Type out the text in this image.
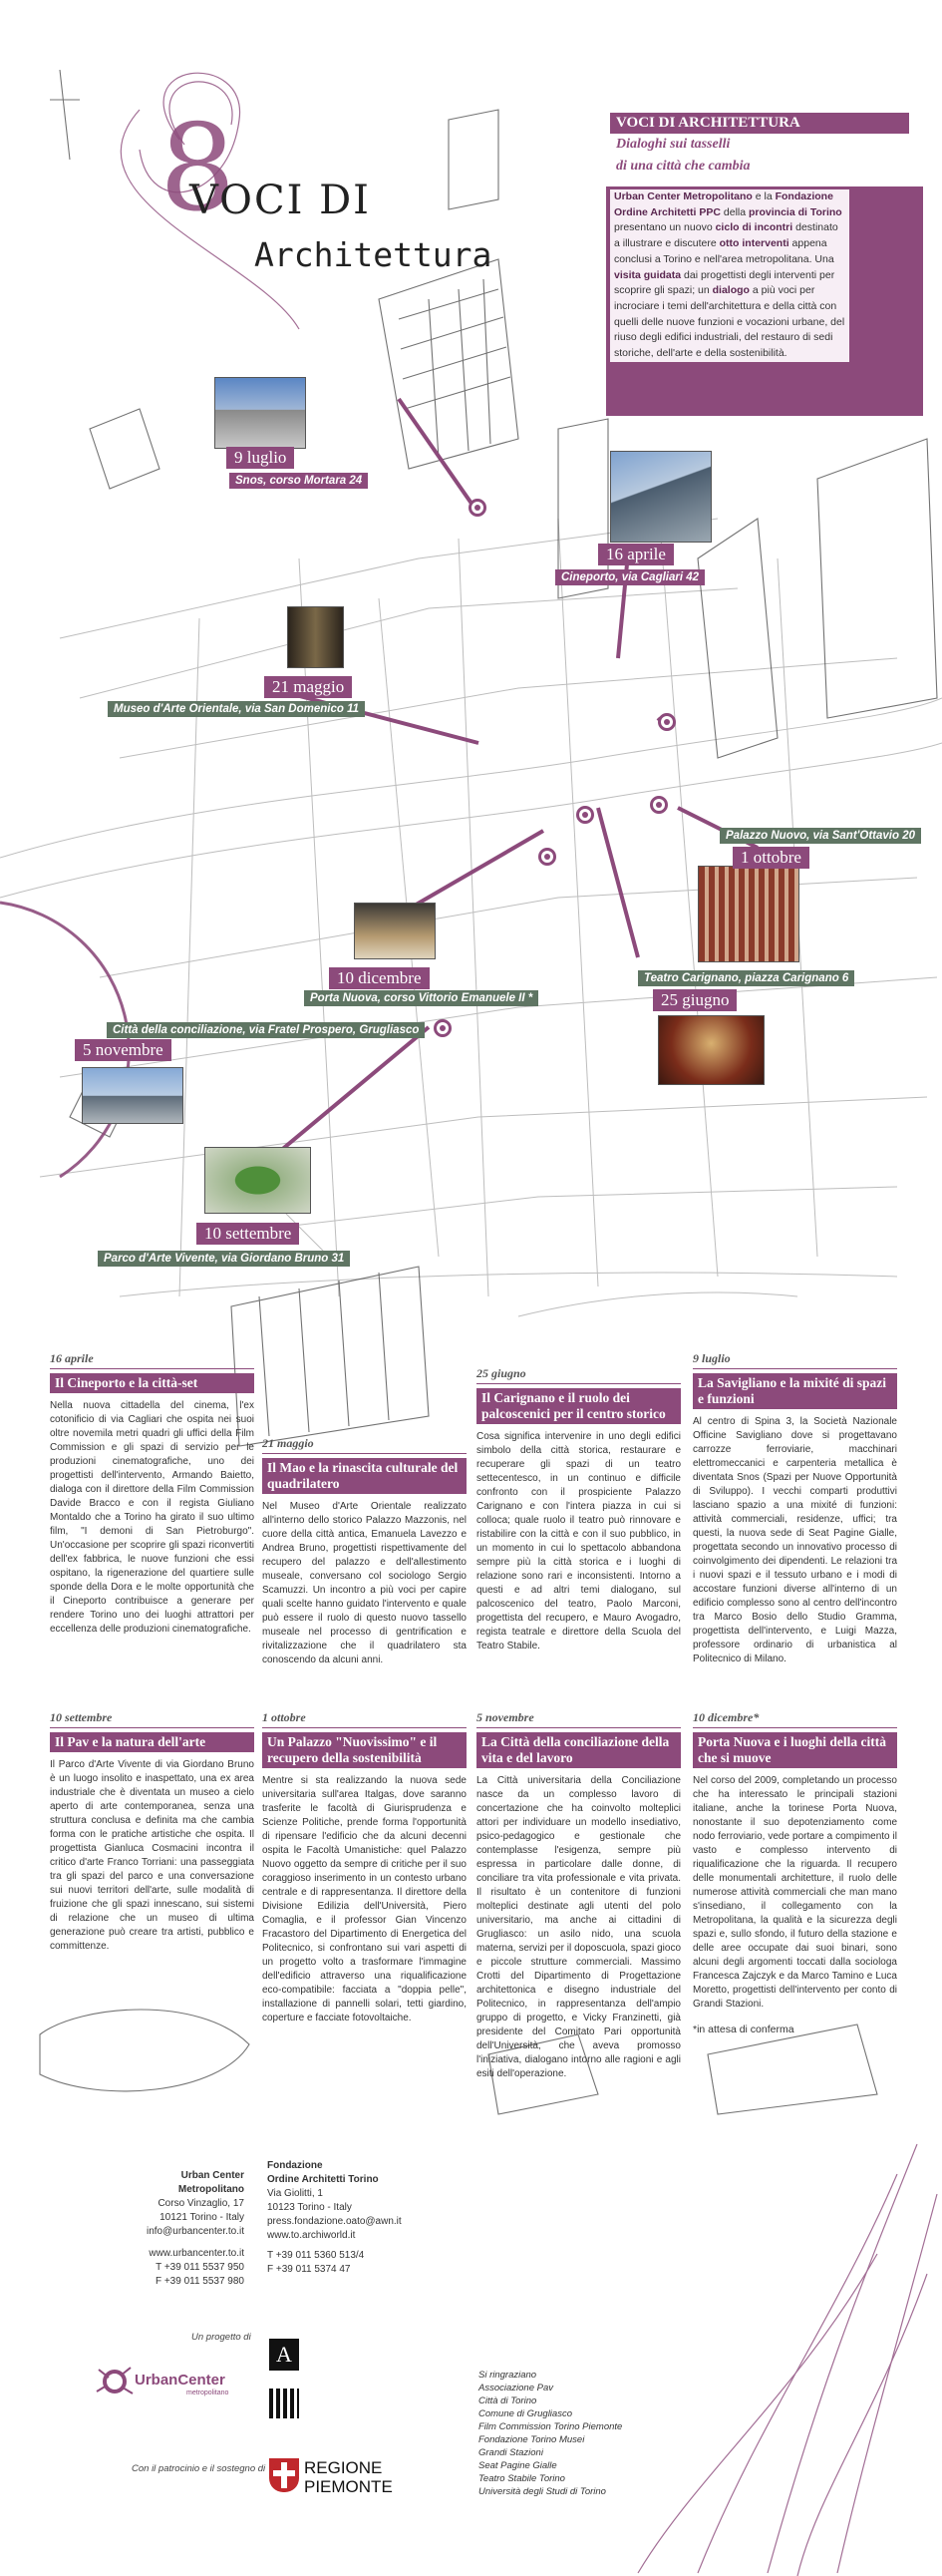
8
VOCI DI
Architettura
VOCI DI ARCHITETTURA
Dialoghi sui tasselli
di una città che cambia
Urban Center Metropolitano e la Fondazione Ordine Architetti PPC della provincia di Torino presentano un nuovo ciclo di incontri destinato a illustrare e discutere otto interventi appena conclusi a Torino e nell'area metropolitana. Una visita guidata dai progettisti degli interventi per scoprire gli spazi; un dialogo a più voci per incrociare i temi dell'architettura e della città con quelli delle nuove funzioni e vocazioni urbane, del riuso degli edifici industriali, del restauro di sedi storiche, dell'arte e della sostenibilità.
9 luglio
Snos, corso Mortara 24
16 aprile
Cineporto, via Cagliari 42
21 maggio
Museo d'Arte Orientale, via San Domenico 11
Palazzo Nuovo, via Sant'Ottavio 20
1 ottobre
10 dicembre
Porta Nuova, corso Vittorio Emanuele II *
Teatro Carignano, piazza Carignano 6
25 giugno
Città della conciliazione, via Fratel Prospero, Grugliasco
5 novembre
10 settembre
Parco d'Arte Vivente, via Giordano Bruno 31
16 aprile
Il Cineporto e la città-set
Nella nuova cittadella del cinema, l'ex cotonificio di via Cagliari che ospita nei suoi oltre novemila metri quadri gli uffici della Film Commission e gli spazi di servizio per le produzioni cinematografiche, uno dei progettisti dell'intervento, Armando Baietto, dialoga con il direttore della Film Commission Davide Bracco e con il regista Giuliano Montaldo che a Torino ha girato il suo ultimo film, "I demoni di San Pietroburgo". Un'occasione per scoprire gli spazi riconvertiti dell'ex fabbrica, le nuove funzioni che essi ospitano, la rigenerazione del quartiere sulle sponde della Dora e le molte opportunità che il Cineporto contribuisce a generare per rendere Torino uno dei luoghi attrattori per eccellenza delle produzioni cinematografiche.
21 maggio
Il Mao e la rinascita culturale del quadrilatero
Nel Museo d'Arte Orientale realizzato all'interno dello storico Palazzo Mazzonis, nel cuore della città antica, Emanuela Lavezzo e Andrea Bruno, progettisti rispettivamente del recupero del palazzo e dell'allestimento museale, conversano col sociologo Sergio Scamuzzi. Un incontro a più voci per capire quali scelte hanno guidato l'intervento e quale può essere il ruolo di questo nuovo tassello museale nel processo di gentrification e rivitalizzazione che il quadrilatero sta conoscendo da alcuni anni.
25 giugno
Il Carignano e il ruolo dei palcoscenici per il centro storico
Cosa significa intervenire in uno degli edifici simbolo della città storica, restaurare e recuperare gli spazi di un teatro settecentesco, in un continuo e difficile confronto con il prospiciente Palazzo Carignano e con l'intera piazza in cui si colloca; quale ruolo il teatro può rinnovare e ristabilire con la città e con il suo pubblico, in un momento in cui lo spettacolo abbandona sempre più la città storica e i luoghi di relazione sono rari e inconsistenti. Intorno a questi e ad altri temi dialogano, sul palcoscenico del teatro, Paolo Marconi, progettista del recupero, e Mauro Avogadro, regista teatrale e direttore della Scuola del Teatro Stabile.
9 luglio
La Savigliano e la mixité di spazi e funzioni
Al centro di Spina 3, la Società Nazionale Officine Savigliano dove si progettavano carrozze ferroviarie, macchinari elettromeccanici e carpenteria metallica è diventata Snos (Spazi per Nuove Opportunità di Sviluppo). I vecchi comparti produttivi lasciano spazio a una mixité di funzioni: attività commerciali, residenze, uffici; tra questi, la nuova sede di Seat Pagine Gialle, progettata secondo un innovativo processo di coinvolgimento dei dipendenti. Le relazioni tra i nuovi spazi e il tessuto urbano e i modi di accostare funzioni diverse all'interno di un edificio complesso sono al centro dell'incontro tra Marco Bosio dello Studio Gramma, progettista dell'intervento, e Luigi Mazza, professore ordinario di urbanistica al Politecnico di Milano.
10 settembre
Il Pav e la natura dell'arte
Il Parco d'Arte Vivente di via Giordano Bruno è un luogo insolito e inaspettato, una ex area industriale che è diventata un museo a cielo aperto di arte contemporanea, senza una struttura conclusa e definita ma che cambia forma con le pratiche artistiche che ospita. Il progettista Gianluca Cosmacini incontra il critico d'arte Franco Torriani: una passeggiata tra gli spazi del parco e una conversazione sui nuovi territori dell'arte, sulle modalità di fruizione che gli spazi innescano, sui sistemi di relazione che un museo di ultima generazione può creare tra artisti, pubblico e committenze.
1 ottobre
Un Palazzo "Nuovissimo" e il recupero della sostenibilità
Mentre si sta realizzando la nuova sede universitaria sull'area Italgas, dove saranno trasferite le facoltà di Giurisprudenza e Scienze Politiche, prende forma l'opportunità di ripensare l'edificio che da alcuni decenni ospita le Facoltà Umanistiche: quel Palazzo Nuovo oggetto da sempre di critiche per il suo coraggioso inserimento in un contesto urbano centrale e di rappresentanza. Il direttore della Divisione Edilizia dell'Università, Piero Comaglia, e il professor Gian Vincenzo Fracastoro del Dipartimento di Energetica del Politecnico, si confrontano sui vari aspetti di un progetto volto a trasformare l'immagine dell'edificio attraverso una riqualificazione eco-compatibile: facciata a "doppia pelle", installazione di pannelli solari, tetti giardino, coperture e facciate fotovoltaiche.
5 novembre
La Città della conciliazione della vita e del lavoro
La Città universitaria della Conciliazione nasce da un complesso lavoro di concertazione che ha coinvolto molteplici attori per individuare un modello insediativo, psico-pedagogico e gestionale che contemplasse l'esigenza, sempre più espressa in particolare dalle donne, di conciliare tra vita professionale e vita privata. Il risultato è un contenitore di funzioni molteplici destinate agli utenti del polo universitario, ma anche ai cittadini di Grugliasco: un asilo nido, una scuola materna, servizi per il doposcuola, spazi gioco e piccole strutture commerciali. Massimo Crotti del Dipartimento di Progettazione architettonica e disegno industriale del Politecnico, in rappresentanza dell'ampio gruppo di progetto, e Vicky Franzinetti, già presidente del Comitato Pari opportunità dell'Università, che aveva promosso l'iniziativa, dialogano intorno alle ragioni e agli esiti dell'operazione.
10 dicembre*
Porta Nuova e i luoghi della città che si muove
Nel corso del 2009, completando un processo che ha interessato le principali stazioni italiane, anche la torinese Porta Nuova, nonostante il suo depotenziamento come nodo ferroviario, vede portare a compimento il vasto e complesso intervento di riqualificazione che la riguarda. Il recupero delle monumentali architetture, il ruolo delle numerose attività commerciali che man mano s'insediano, il collegamento con la Metropolitana, la qualità e la sicurezza degli spazi e, sullo sfondo, il futuro della stazione e delle aree occupate dai suoi binari, sono alcuni degli argomenti toccati dalla sociologa Francesca Zajczyk e da Marco Tamino e Luca Moretto, progettisti dell'intervento per conto di Grandi Stazioni.
*in attesa di conferma
Urban Center
Metropolitano
Corso Vinzaglio, 17
10121 Torino - Italy
info@urbancenter.to.it
www.urbancenter.to.it
T +39 011 5537 950
F +39 011 5537 980
Fondazione
Ordine Architetti Torino
Via Giolitti, 1
10123 Torino - Italy
press.fondazione.oato@awn.it
www.to.archiworld.it
T +39 011 5360 513/4
F +39 011 5374 47
Un progetto di
UrbanCenter
metropolitano
Con il patrocinio e il sostegno di
A
REGIONE
PIEMONTE
Si ringraziano
Associazione Pav
Città di Torino
Comune di Grugliasco
Film Commission Torino Piemonte
Fondazione Torino Musei
Grandi Stazioni
Seat Pagine Gialle
Teatro Stabile Torino
Università degli Studi di Torino
